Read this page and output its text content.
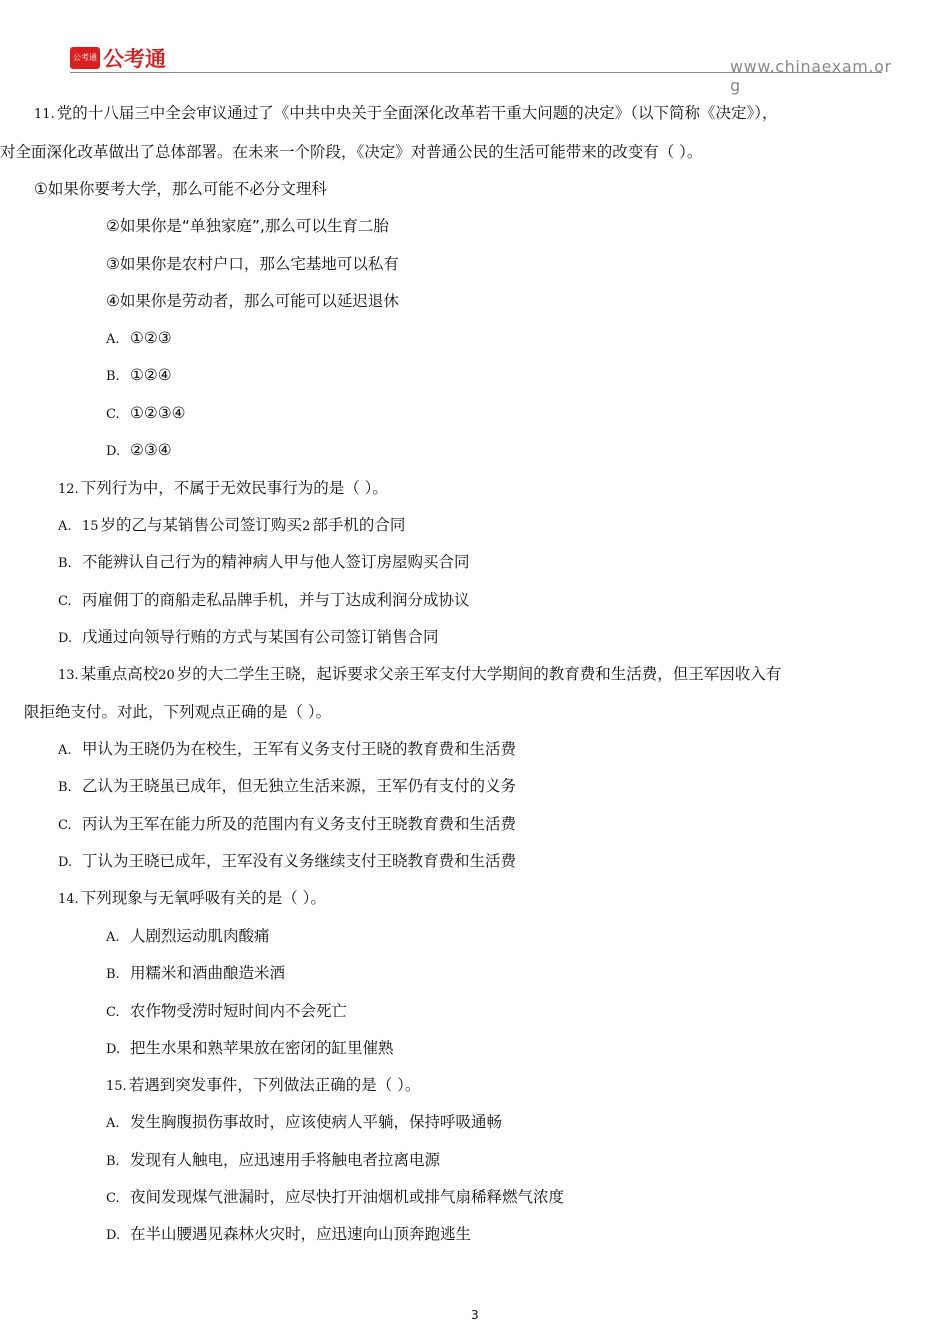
公考通 公考通	www.chinaexam.org
11. 党的十八届三中全会审议通过了《中共中央关于全面深化改革若干重大问题的决定》（以下简称《决定》），
对全面深化改革做出了总体部署。在未来一个阶段，《决定》对普通公民的生活可能带来的改变有（ ）。
①如果你要考大学，那么可能不必分文理科
②如果你是“单独家庭”,那么可以生育二胎
③如果你是农村户口，那么宅基地可以私有
④如果你是劳动者，那么可能可以延迟退休
A. ①②③
B. ①②④
C. ①②③④
D. ②③④
12. 下列行为中，不属于无效民事行为的是（ ）。
A. 15 岁的乙与某销售公司签订购买2 部手机的合同
B. 不能辨认自己行为的精神病人甲与他人签订房屋购买合同
C. 丙雇佣丁的商船走私品牌手机，并与丁达成利润分成协议
D. 戊通过向领导行贿的方式与某国有公司签订销售合同
13. 某重点高校20 岁的大二学生王晓，起诉要求父亲王军支付大学期间的教育费和生活费，但王军因收入有
限拒绝支付。对此，下列观点正确的是（ ）。
A. 甲认为王晓仍为在校生，王军有义务支付王晓的教育费和生活费
B. 乙认为王晓虽已成年，但无独立生活来源，王军仍有支付的义务
C. 丙认为王军在能力所及的范围内有义务支付王晓教育费和生活费
D. 丁认为王晓已成年，王军没有义务继续支付王晓教育费和生活费
14. 下列现象与无氧呼吸有关的是（ ）。
A. 人剧烈运动肌肉酸痛
B. 用糯米和酒曲酿造米酒
C. 农作物受涝时短时间内不会死亡
D. 把生水果和熟苹果放在密闭的缸里催熟
15. 若遇到突发事件，下列做法正确的是（ ）。
A. 发生胸腹损伤事故时，应该使病人平躺，保持呼吸通畅
B. 发现有人触电，应迅速用手将触电者拉离电源
C. 夜间发现煤气泄漏时，应尽快打开油烟机或排气扇稀释燃气浓度
D. 在半山腰遇见森林火灾时，应迅速向山顶奔跑逃生
3
